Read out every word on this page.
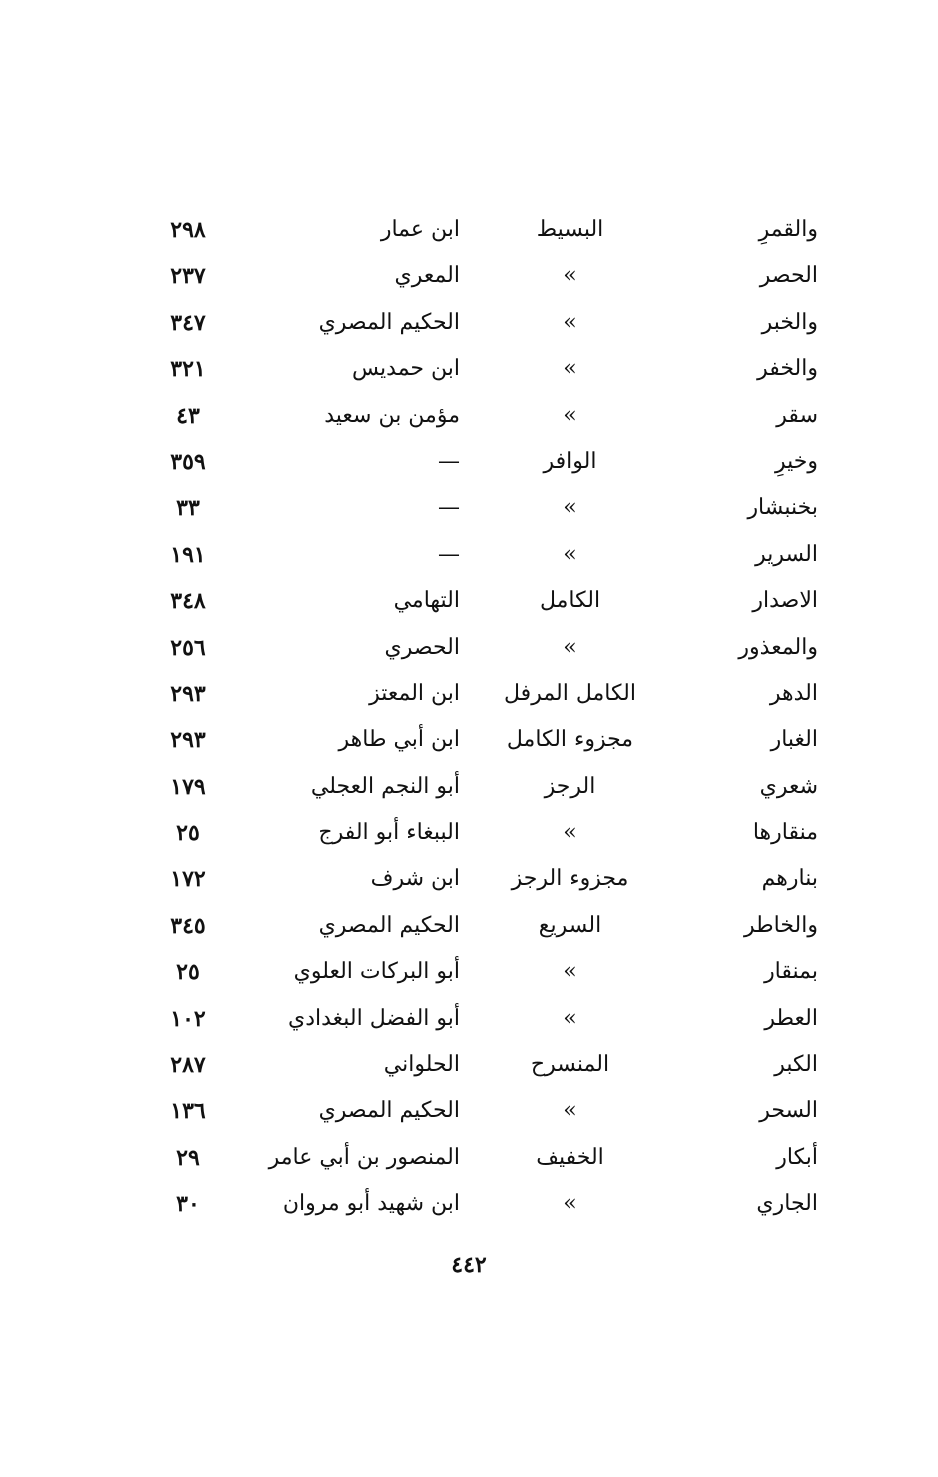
والقمرِ
البسيط
ابن عمار
٢٩٨
الحصر
»
المعري
٢٣٧
والخبر
»
الحكيم المصري
٣٤٧
والخفر
»
ابن حمديس
٣٢١
سقر
»
مؤمن بن سعيد
٤٣
وخيرِ
الوافر
—
٣٥٩
بخنبشار
»
—
٣٣
السرير
»
—
١٩١
الاصدار
الكامل
التهامي
٣٤٨
والمعذور
»
الحصري
٢٥٦
الدهر
الكامل المرفل
ابن المعتز
٢٩٣
الغبار
مجزوء الكامل
ابن أبي طاهر
٢٩٣
شعري
الرجز
أبو النجم العجلي
١٧٩
منقارها
»
الببغاء أبو الفرج
٢٥
بنارهم
مجزوء الرجز
ابن شرف
١٧٢
والخاطر
السريع
الحكيم المصري
٣٤٥
بمنقار
»
أبو البركات العلوي
٢٥
العطر
»
أبو الفضل البغدادي
١٠٢
الكبر
المنسرح
الحلواني
٢٨٧
السحر
»
الحكيم المصري
١٣٦
أبكار
الخفيف
المنصور بن أبي عامر
٢٩
الجاري
»
ابن شهيد أبو مروان
٣٠
٤٤٢
